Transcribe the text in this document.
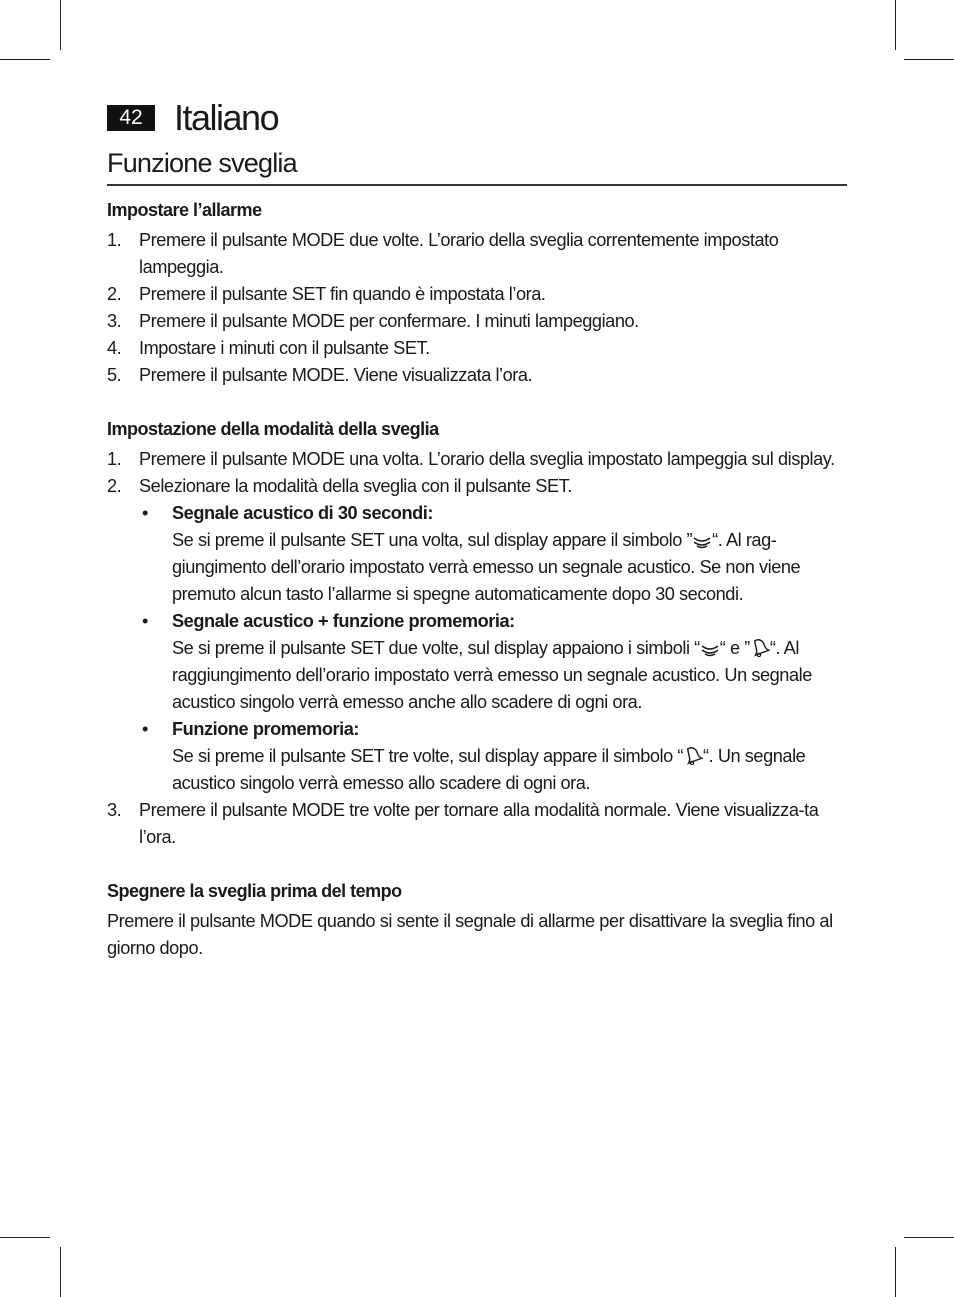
42 Italiano
Funzione sveglia
Impostare l’allarme
1. Premere il pulsante MODE due volte. L’orario della sveglia correntemente impostato lampeggia.
2. Premere il pulsante SET fin quando è impostata l’ora.
3. Premere il pulsante MODE per confermare. I minuti lampeggiano.
4. Impostare i minuti con il pulsante SET.
5. Premere il pulsante MODE. Viene visualizzata l’ora.
Impostazione della modalità della sveglia
1. Premere il pulsante MODE una volta. L’orario della sveglia impostato lampeggia sul display.
2. Selezionare la modalità della sveglia con il pulsante SET.
• Segnale acustico di 30 secondi:
Se si preme il pulsante SET una volta, sul display appare il simbolo ” “. Al rag-giungimento dell’orario impostato verrà emesso un segnale acustico. Se non viene premuto alcun tasto l’allarme si spegne automaticamente dopo 30 secondi.
• Segnale acustico + funzione promemoria:
Se si preme il pulsante SET due volte, sul display appaiono i simboli “ “ e ” “. Al raggiungimento dell’orario impostato verrà emesso un segnale acustico. Un segnale acustico singolo verrà emesso anche allo scadere di ogni ora.
• Funzione promemoria:
Se si preme il pulsante SET tre volte, sul display appare il simbolo “ “. Un segnale acustico singolo verrà emesso allo scadere di ogni ora.
3. Premere il pulsante MODE tre volte per tornare alla modalità normale. Viene visualizza-ta l’ora.
Spegnere la sveglia prima del tempo

Premere il pulsante MODE quando si sente il segnale di allarme per disattivare la sveglia fino al giorno dopo.
